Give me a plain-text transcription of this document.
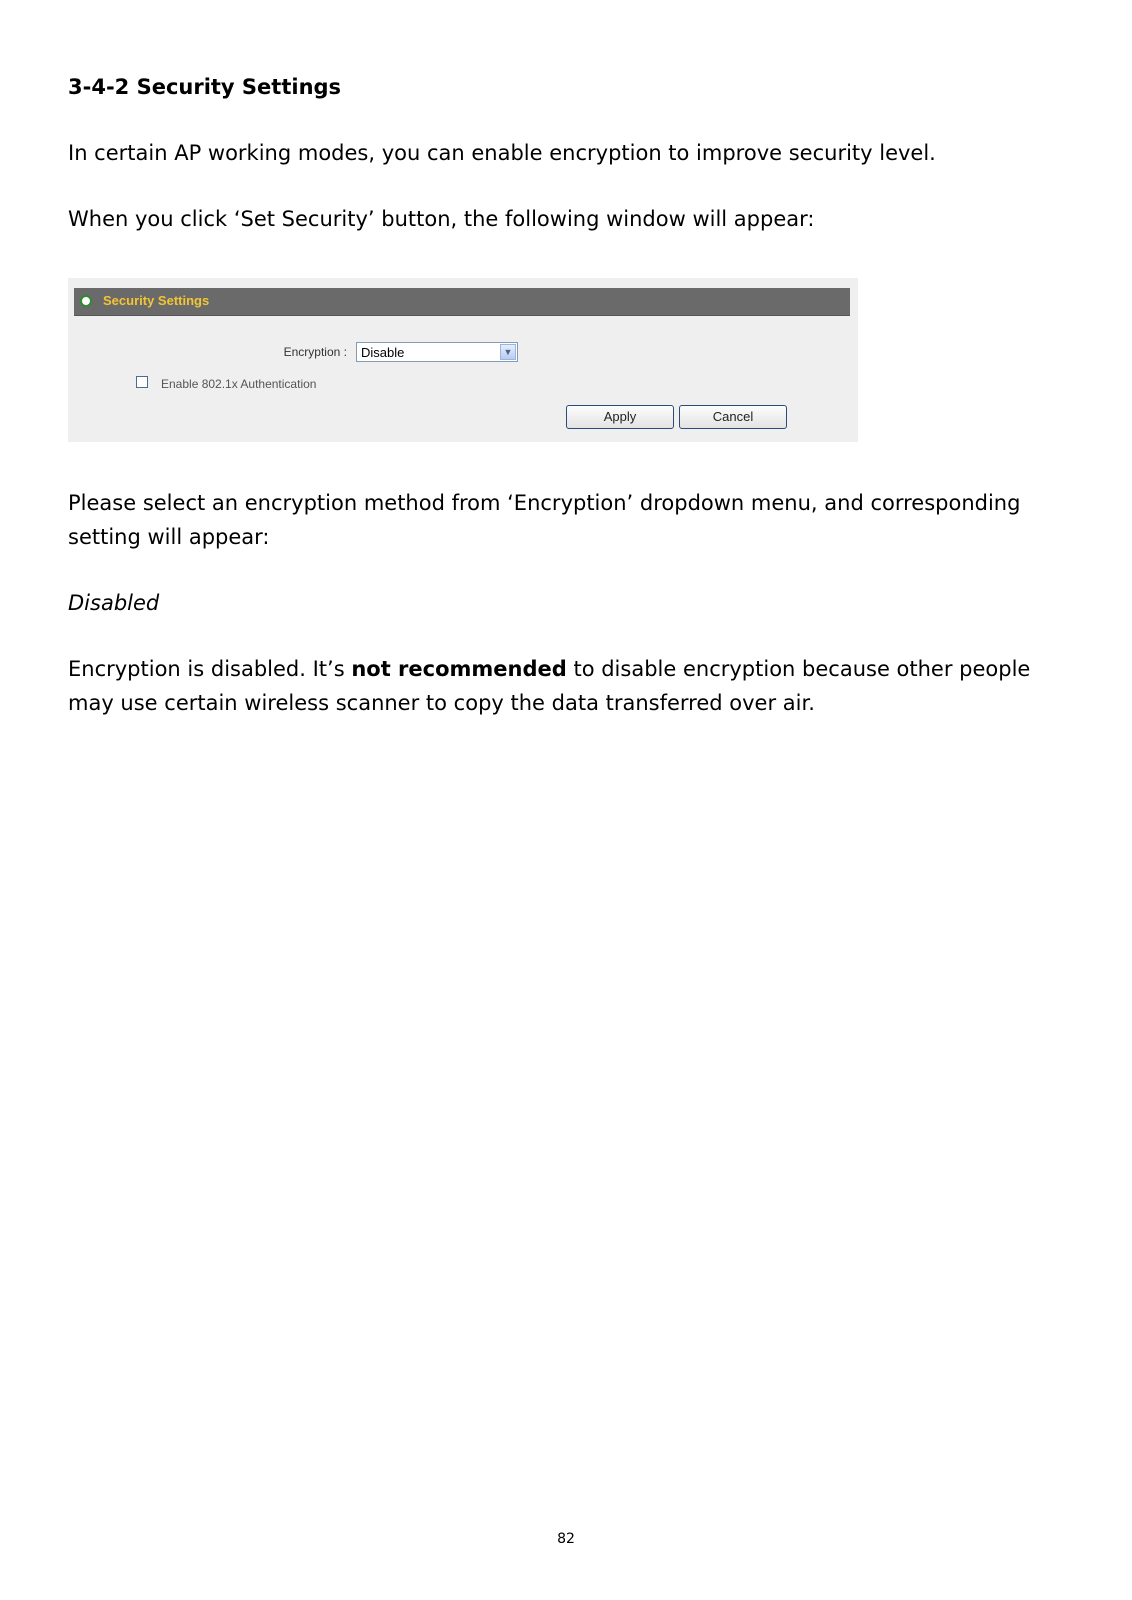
3-4-2 Security Settings
In certain AP working modes, you can enable encryption to improve security level.
When you click ‘Set Security’ button, the following window will appear:
Security Settings
Encryption : Disable	▼
Enable 802.1x Authentication
Apply	Cancel
Please select an encryption method from ‘Encryption’ dropdown menu, and corresponding setting will appear:
Disabled
Encryption is disabled. It’s not recommended to disable encryption because other people may use certain wireless scanner to copy the data transferred over air.
82
